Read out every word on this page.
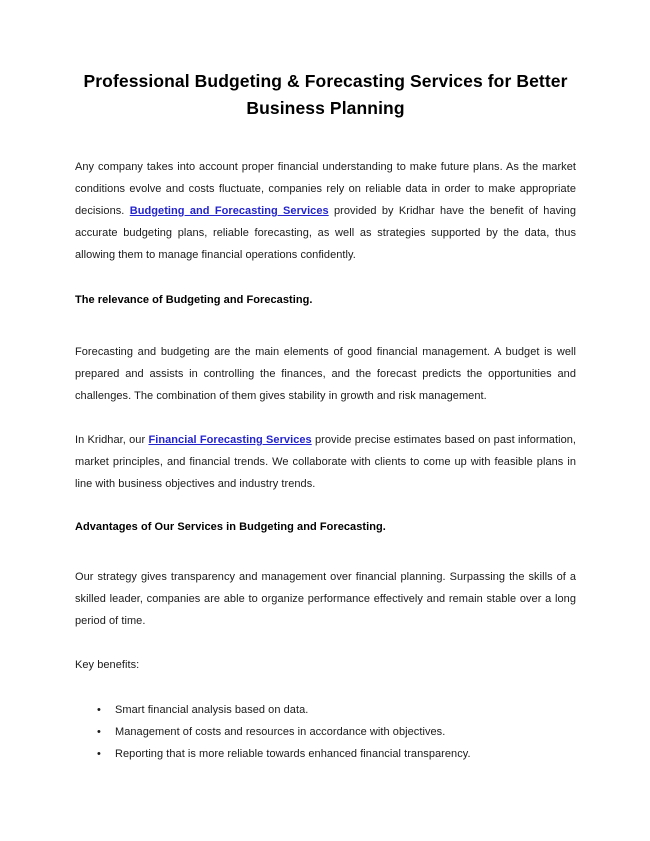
Professional Budgeting & Forecasting Services for Better Business Planning

Any company takes into account proper financial understanding to make future plans. As the market conditions evolve and costs fluctuate, companies rely on reliable data in order to make appropriate decisions. Budgeting and Forecasting Services provided by Kridhar have the benefit of having accurate budgeting plans, reliable forecasting, as well as strategies supported by the data, thus allowing them to manage financial operations confidently.

The relevance of Budgeting and Forecasting.

Forecasting and budgeting are the main elements of good financial management. A budget is well prepared and assists in controlling the finances, and the forecast predicts the opportunities and challenges. The combination of them gives stability in growth and risk management.

In Kridhar, our Financial Forecasting Services provide precise estimates based on past information, market principles, and financial trends. We collaborate with clients to come up with feasible plans in line with business objectives and industry trends.

Advantages of Our Services in Budgeting and Forecasting.

Our strategy gives transparency and management over financial planning. Surpassing the skills of a skilled leader, companies are able to organize performance effectively and remain stable over a long period of time.

Key benefits:

• Smart financial analysis based on data.
• Management of costs and resources in accordance with objectives.
• Reporting that is more reliable towards enhanced financial transparency.
